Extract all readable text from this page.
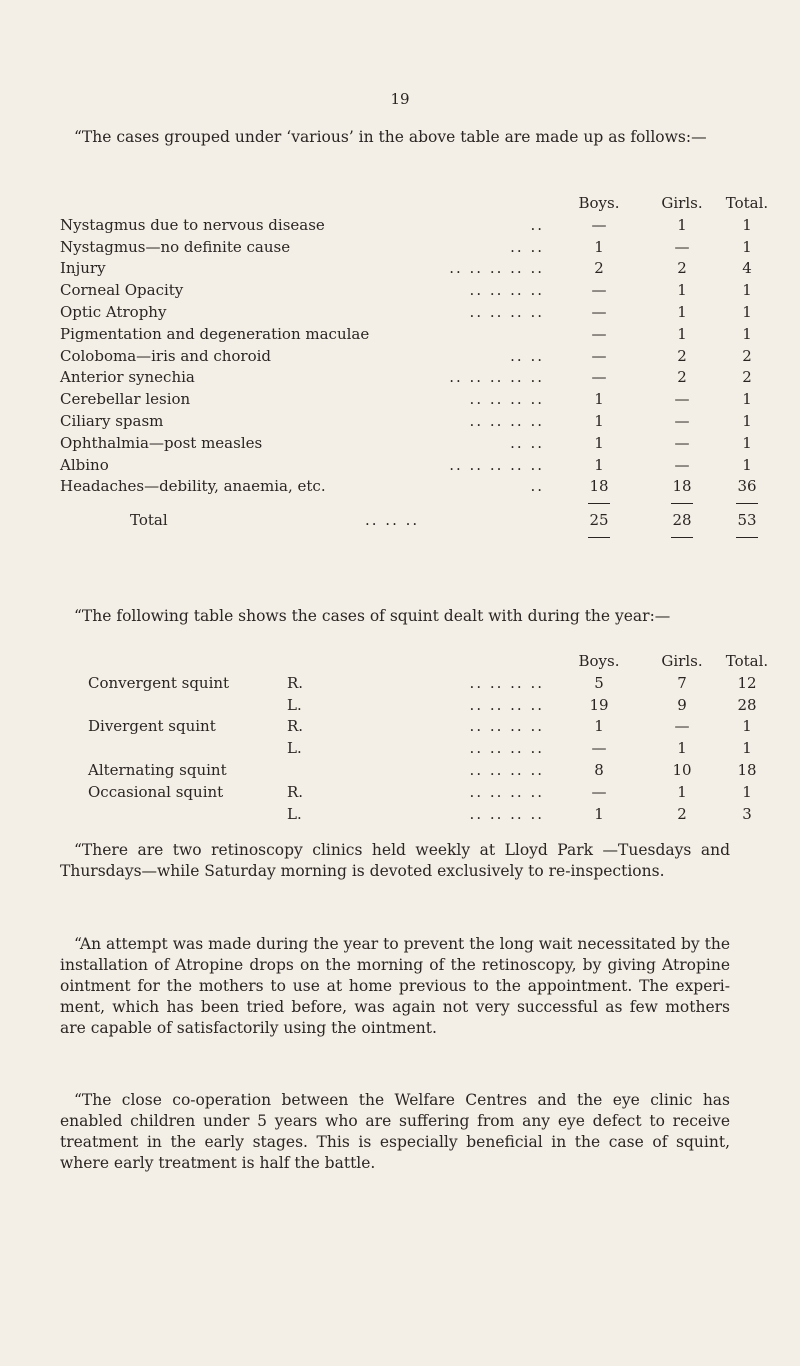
19
“The cases grouped under ‘various’ in the above table are made up as follows:—
Boys.	Girls.	Total.
Nystagmus due to nervous disease	..	—	1	1
Nystagmus—no definite cause	.. ..	1	—	1
Injury	.. .. .. .. ..	2	2	4
Corneal Opacity	.. .. .. ..	—	1	1
Optic Atrophy	.. .. .. ..	—	1	1
Pigmentation and degeneration maculae	—	1	1
Coloboma—iris and choroid	.. ..	—	2	2
Anterior synechia	.. .. .. .. ..	—	2	2
Cerebellar lesion	.. .. .. ..	1	—	1
Ciliary spasm	.. .. .. ..	1	—	1
Ophthalmia—post measles	.. ..	1	—	1
Albino	.. .. .. .. ..	1	—	1
Headaches—debility, anaemia, etc.	..	18	18	36
Total	.. .. ..	25	28	53
“The following table shows the cases of squint dealt with during the year:—
Boys.	Girls.	Total.
Convergent squint	R.	.. .. .. ..	5	7	12
L.	.. .. .. ..	19	9	28
Divergent squint	R.	.. .. .. ..	1	—	1
L.	.. .. .. ..	—	1	1
Alternating squint	.. .. .. ..	8	10	18
Occasional squint	R.	.. .. .. ..	—	1	1
L.	.. .. .. ..	1	2	3
“There are two retinoscopy clinics held weekly at Lloyd Park —Tuesdays and Thursdays—while Saturday morning is devoted exclusively to re-inspections.
“An attempt was made during the year to prevent the long wait necessitated by the installation of Atropine drops on the morning of the retinoscopy, by giving Atropine ointment for the mothers to use at home previous to the appointment. The experi- ment, which has been tried before, was again not very successful as few mothers are capable of satisfactorily using the ointment.
“The close co-operation between the Welfare Centres and the eye clinic has enabled children under 5 years who are suffering from any eye defect to receive treatment in the early stages. This is especially beneficial in the case of squint, where early treatment is half the battle.
